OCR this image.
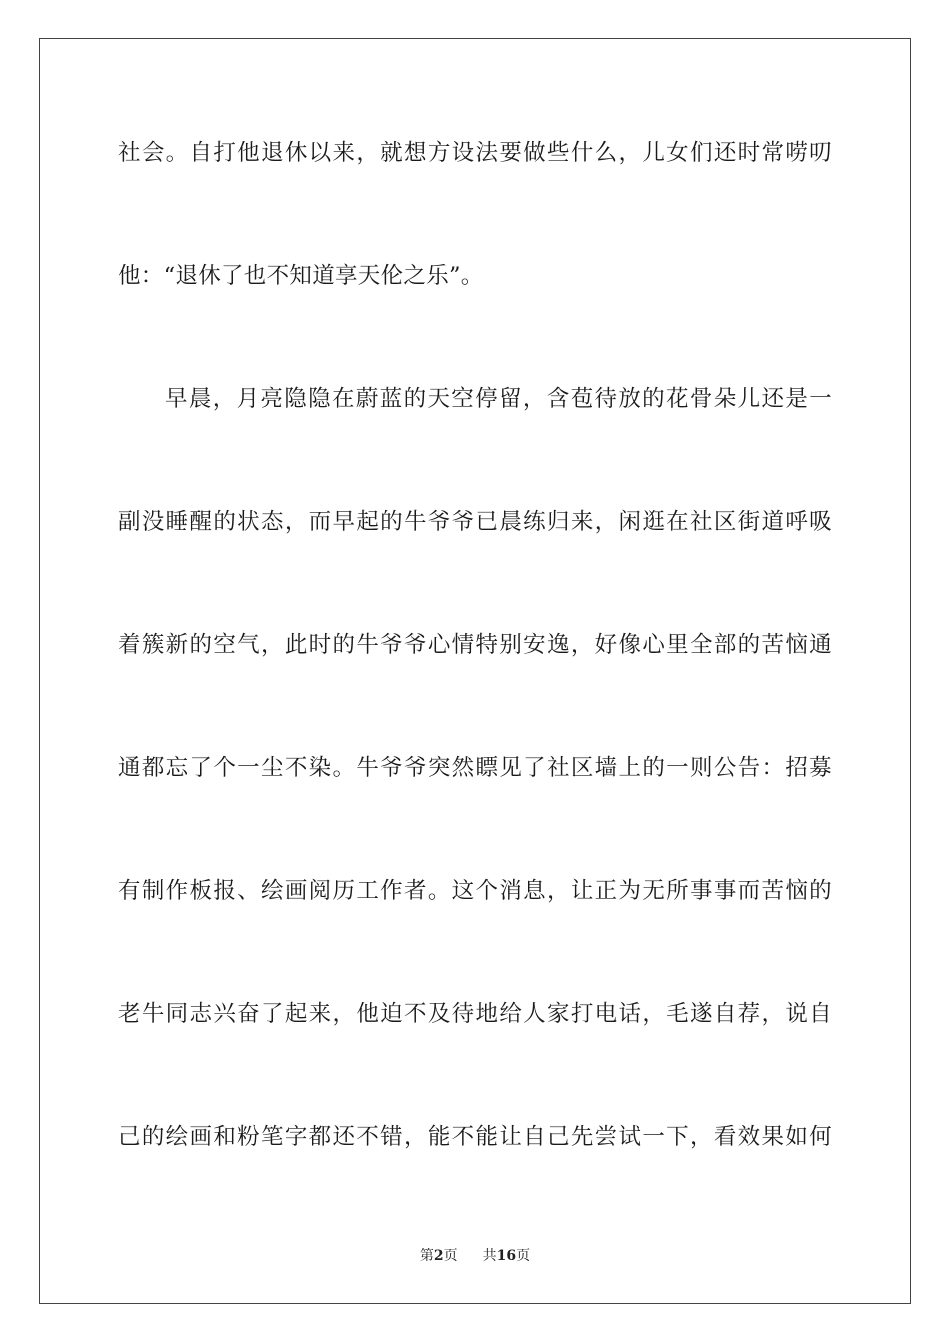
社会。自打他退休以来，就想方设法要做些什么，儿女们还时常唠叨
他：“退休了也不知道享天伦之乐”。
早晨，月亮隐隐在蔚蓝的天空停留，含苞待放的花骨朵儿还是一
副没睡醒的状态，而早起的牛爷爷已晨练归来，闲逛在社区街道呼吸
着簇新的空气，此时的牛爷爷心情特别安逸，好像心里全部的苦恼通
通都忘了个一尘不染。牛爷爷突然瞟见了社区墙上的一则公告：招募
有制作板报、绘画阅历工作者。这个消息，让正为无所事事而苦恼的
老牛同志兴奋了起来，他迫不及待地给人家打电话，毛遂自荐，说自
己的绘画和粉笔字都还不错，能不能让自己先尝试一下，看效果如何
第2页 共16页
